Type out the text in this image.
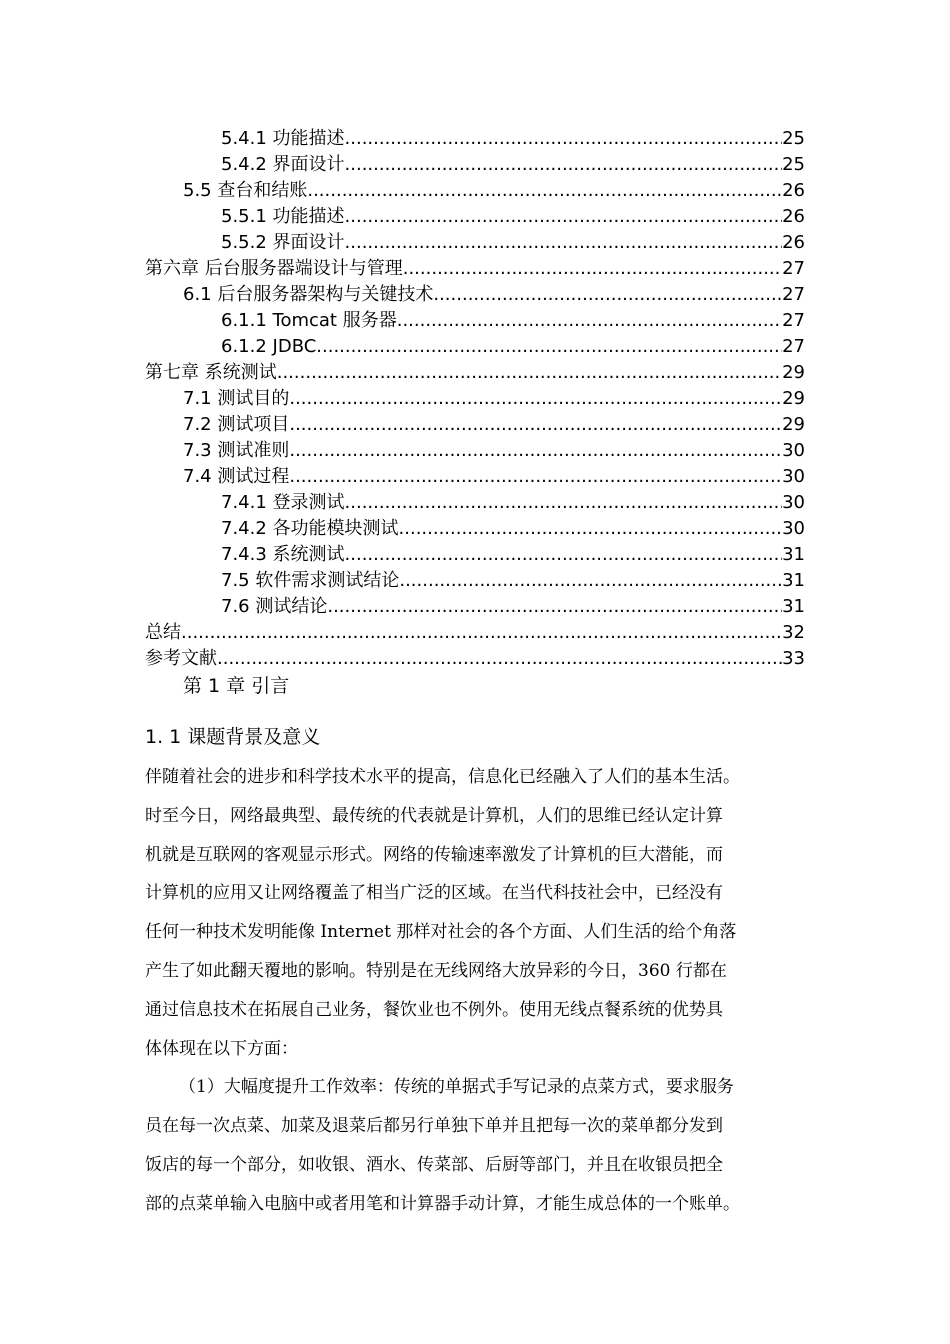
5.4.1 功能描述 .....	25
5.4.2 界面设计 .....	25
5.5 查台和结账 .....	26
5.5.1 功能描述 .....	26
5.5.2 界面设计 .....	26
第六章 后台服务器端设计与管理 .....	27
6.1 后台服务器架构与关键技术 .....	27
6.1.1 Tomcat 服务器 .....	27
6.1.2 JDBC .....	27
第七章 系统测试 .....	29
7.1 测试目的 .....	29
7.2 测试项目 .....	29
7.3 测试准则 .....	30
7.4 测试过程 .....	30
7.4.1 登录测试 .....	30
7.4.2 各功能模块测试 .....	30
7.4.3 系统测试 .....	31
7.5 软件需求测试结论 .....	31
7.6 测试结论 .....	31
总结 .....	32
参考文献 .....	33
第 1 章 引言
1. 1 课题背景及意义
伴随着社会的进步和科学技术水平的提高，信息化已经融入了人们的基本生活。
时至今日，网络最典型、最传统的代表就是计算机，人们的思维已经认定计算
机就是互联网的客观显示形式。网络的传输速率激发了计算机的巨大潜能，而
计算机的应用又让网络覆盖了相当广泛的区域。在当代科技社会中，已经没有
任何一种技术发明能像 Internet 那样对社会的各个方面、人们生活的给个角落
产生了如此翻天覆地的影响。特别是在无线网络大放异彩的今日，360 行都在
通过信息技术在拓展自己业务，餐饮业也不例外。使用无线点餐系统的优势具
体体现在以下方面：
（1）大幅度提升工作效率：传统的单据式手写记录的点菜方式，要求服务
员在每一次点菜、加菜及退菜后都另行单独下单并且把每一次的菜单都分发到
饭店的每一个部分，如收银、酒水、传菜部、后厨等部门，并且在收银员把全
部的点菜单输入电脑中或者用笔和计算器手动计算，才能生成总体的一个账单。
